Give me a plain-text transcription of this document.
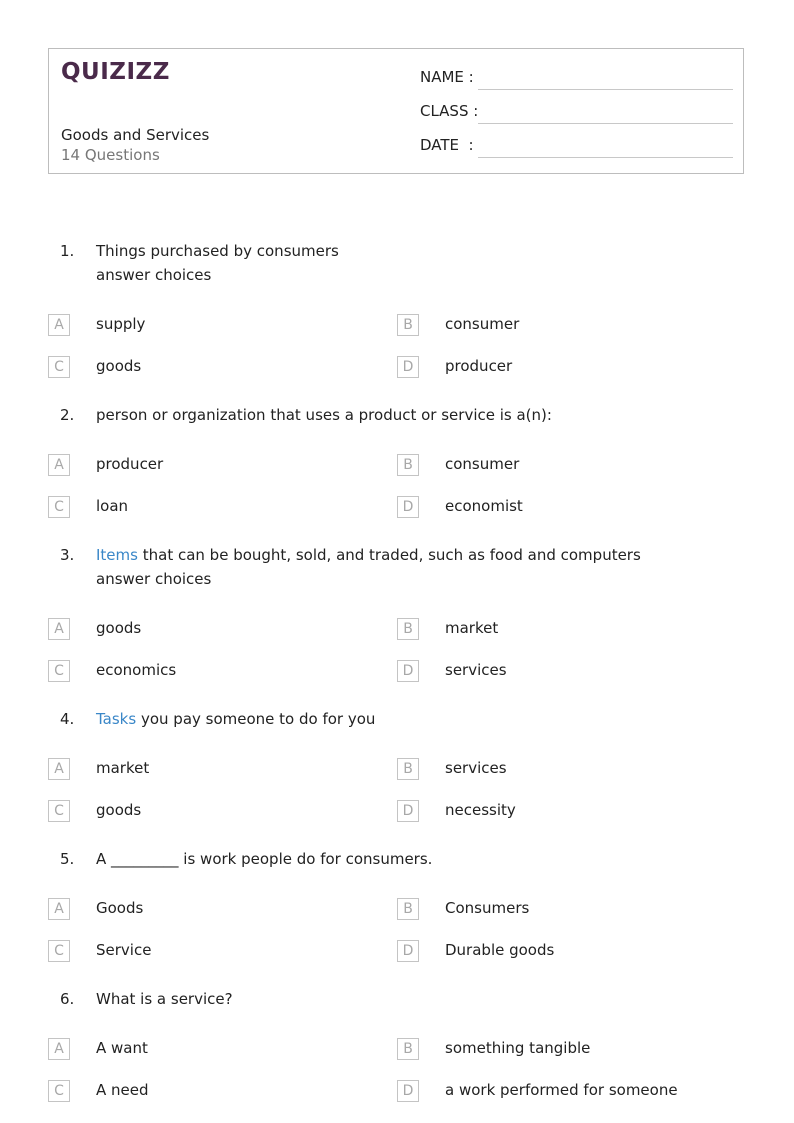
QUIZIZZ
Goods and Services
14 Questions
NAME :
CLASS :
DATE  :
1. Things purchased by consumers
answer choices
A	supply	B	consumer
C	goods	D	producer
2. person or organization that uses a product or service is a(n):
A	producer	B	consumer
C	loan	D	economist
3. Items that can be bought, sold, and traded, such as food and computers
answer choices
A	goods	B	market
C	economics	D	services
4. Tasks you pay someone to do for you
A	market	B	services
C	goods	D	necessity
5. A _________ is work people do for consumers.
A	Goods	B	Consumers
C	Service	D	Durable goods
6. What is a service?
A	A want	B	something tangible
C	A need	D	a work performed for someone
